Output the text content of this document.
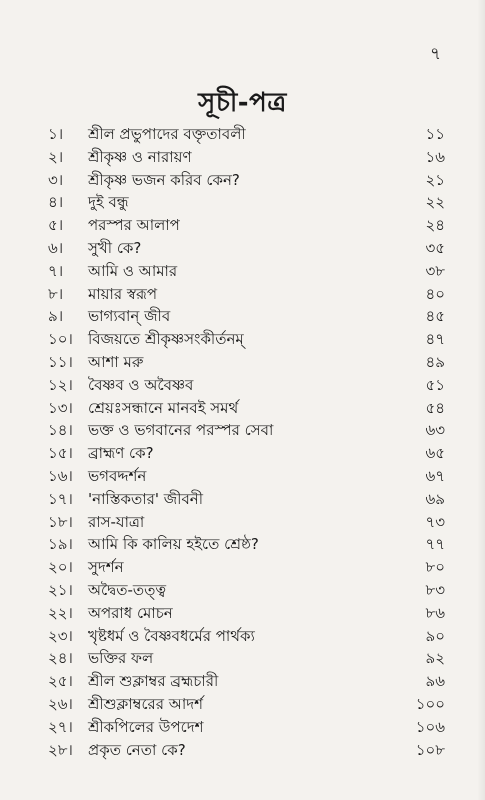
৭
সূচী-পত্র
১। শ্রীল প্রভুপাদের বক্তৃতাবলী	১১
২। শ্রীকৃষ্ণ ও নারায়ণ	১৬
৩। শ্রীকৃষ্ণ ভজন করিব কেন?	২১
৪। দুই বন্ধু	২২
৫। পরস্পর আলাপ	২৪
৬। সুখী কে?	৩৫
৭। আমি ও আমার	৩৮
৮। মায়ার স্বরূপ	৪০
৯। ভাগ্যবান্ জীব	৪৫
১০। বিজয়তে শ্রীকৃষ্ণসংকীর্তনম্	৪৭
১১। আশা মরু	৪৯
১২। বৈষ্ণব ও অবৈষ্ণব	৫১
১৩। শ্রেয়ঃসন্ধানে মানবই সমর্থ	৫৪
১৪। ভক্ত ও ভগবানের পরস্পর সেবা	৬৩
১৫। ব্রাহ্মণ কে?	৬৫
১৬। ভগবদ্দর্শন	৬৭
১৭। 'নাস্তিকতার' জীবনী	৬৯
১৮। রাস-যাত্রা	৭৩
১৯। আমি কি কালিয় হইতে শ্রেষ্ঠ?	৭৭
২০। সুদর্শন	৮০
২১। অদ্বৈত-তত্ত্ব	৮৩
২২। অপরাধ মোচন	৮৬
২৩। খৃষ্টধর্ম ও বৈষ্ণবধর্মের পার্থক্য	৯০
২৪। ভক্তির ফল	৯২
২৫। শ্রীল শুক্লাম্বর ব্রহ্মচারী	৯৬
২৬। শ্রীশুক্লাম্বরের আদর্শ	১০০
২৭। শ্রীকপিলের উপদেশ	১০৬
২৮। প্রকৃত নেতা কে?	১০৮
